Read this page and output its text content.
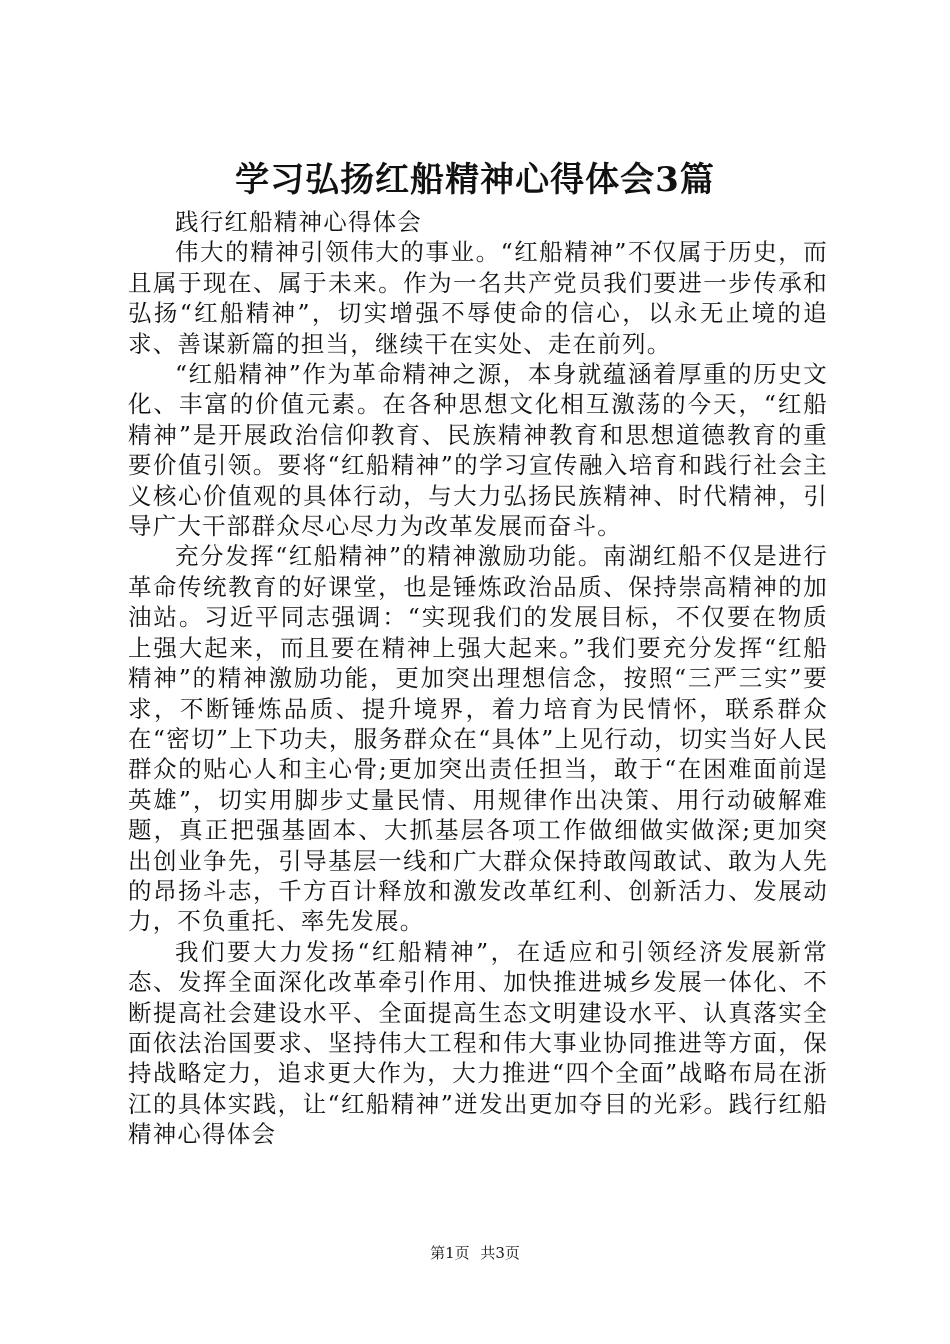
学习弘扬红船精神心得体会3篇

践行红船精神心得体会

伟大的精神引领伟大的事业。“红船精神”不仅属于历史，而且属于现在、属于未来。作为一名共产党员我们要进一步传承和弘扬“红船精神”，切实增强不辱使命的信心，以永无止境的追求、善谋新篇的担当，继续干在实处、走在前列。

“红船精神”作为革命精神之源，本身就蕴涵着厚重的历史文化、丰富的价值元素。在各种思想文化相互激荡的今天，“红船精神”是开展政治信仰教育、民族精神教育和思想道德教育的重要价值引领。要将“红船精神”的学习宣传融入培育和践行社会主义核心价值观的具体行动，与大力弘扬民族精神、时代精神，引导广大干部群众尽心尽力为改革发展而奋斗。

充分发挥“红船精神”的精神激励功能。南湖红船不仅是进行革命传统教育的好课堂，也是锤炼政治品质、保持崇高精神的加油站。习近平同志强调：“实现我们的发展目标，不仅要在物质上强大起来，而且要在精神上强大起来。”我们要充分发挥“红船精神”的精神激励功能，更加突出理想信念，按照“三严三实”要求，不断锤炼品质、提升境界，着力培育为民情怀，联系群众在“密切”上下功夫，服务群众在“具体”上见行动，切实当好人民群众的贴心人和主心骨;更加突出责任担当，敢于“在困难面前逞英雄”，切实用脚步丈量民情、用规律作出决策、用行动破解难题，真正把强基固本、大抓基层各项工作做细做实做深;更加突出创业争先，引导基层一线和广大群众保持敢闯敢试、敢为人先的昂扬斗志，千方百计释放和激发改革红利、创新活力、发展动力，不负重托、率先发展。

我们要大力发扬“红船精神”，在适应和引领经济发展新常态、发挥全面深化改革牵引作用、加快推进城乡发展一体化、不断提高社会建设水平、全面提高生态文明建设水平、认真落实全面依法治国要求、坚持伟大工程和伟大事业协同推进等方面，保持战略定力，追求更大作为，大力推进“四个全面”战略布局在浙江的具体实践，让“红船精神”迸发出更加夺目的光彩。践行红船精神心得体会

第1页 共3页
